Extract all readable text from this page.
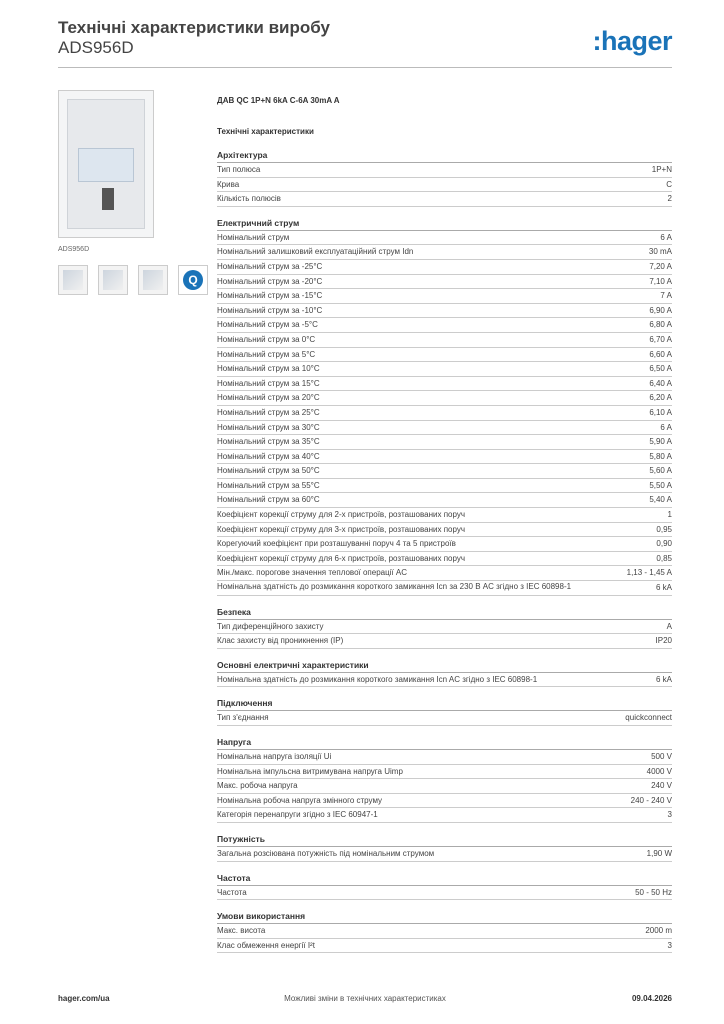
Технічні характеристики виробу
ADS956D	:hager
ADS956D
Q
ДАВ QC 1P+N 6kA C-6A 30mA A
Технічні характеристики
Архітектура
Тип полюса	1P+N
Крива	C
Кількість полюсів	2
Електричний струм
Номінальний струм	6 A
Номінальний залишковий експлуатаційний струм Idn	30 mA
Номінальний струм за -25°C	7,20 A
Номінальний струм за -20°C	7,10 A
Номінальний струм за -15°C	7 A
Номінальний струм за -10°C	6,90 A
Номінальний струм за -5°C	6,80 A
Номінальний струм за 0°C	6,70 A
Номінальний струм за 5°C	6,60 A
Номінальний струм за 10°C	6,50 A
Номінальний струм за 15°C	6,40 A
Номінальний струм за 20°C	6,20 A
Номінальний струм за 25°C	6,10 A
Номінальний струм за 30°C	6 A
Номінальний струм за 35°C	5,90 A
Номінальний струм за 40°C	5,80 A
Номінальний струм за 50°C	5,60 A
Номінальний струм за 55°C	5,50 A
Номінальний струм за 60°C	5,40 A
Коефіцієнт корекції струму для 2-х пристроїв, розташованих поруч	1
Коефіцієнт корекції струму для 3-х пристроїв, розташованих поруч	0,95
Корегуючий коефіцієнт при розташуванні поруч 4 та 5 пристроїв	0,90
Коефіцієнт корекції струму для 6-х пристроїв, розташованих поруч	0,85
Мін./макс. порогове значення теплової операції AC	1,13 - 1,45 A
Номінальна здатність до розмикання короткого замикання Icn за 230 В AC згідно з IEC 60898-1	6 kA
Безпека
Тип диференційного захисту	A
Клас захисту від проникнення (IP)	IP20
Основні електричні характеристики
Номінальна здатність до розмикання короткого замикання Icn AC згідно з IEC 60898-1	6 kA
Підключення
Тип з'єднання	quickconnect
Напруга
Номінальна напруга ізоляції Ui	500 V
Номінальна імпульсна витримувана напруга Uimp	4000 V
Макс. робоча напруга	240 V
Номінальна робоча напруга змінного струму	240 - 240 V
Категорія перенапруги згідно з IEC 60947-1	3
Потужність
Загальна розсіювана потужність під номінальним струмом	1,90 W
Частота
Частота	50 - 50 Hz
Умови використання
Макс. висота	2000 m
Клас обмеження енергії I²t	3
hager.com/ua	Можливі зміни в технічних характеристиках	09.04.2026
